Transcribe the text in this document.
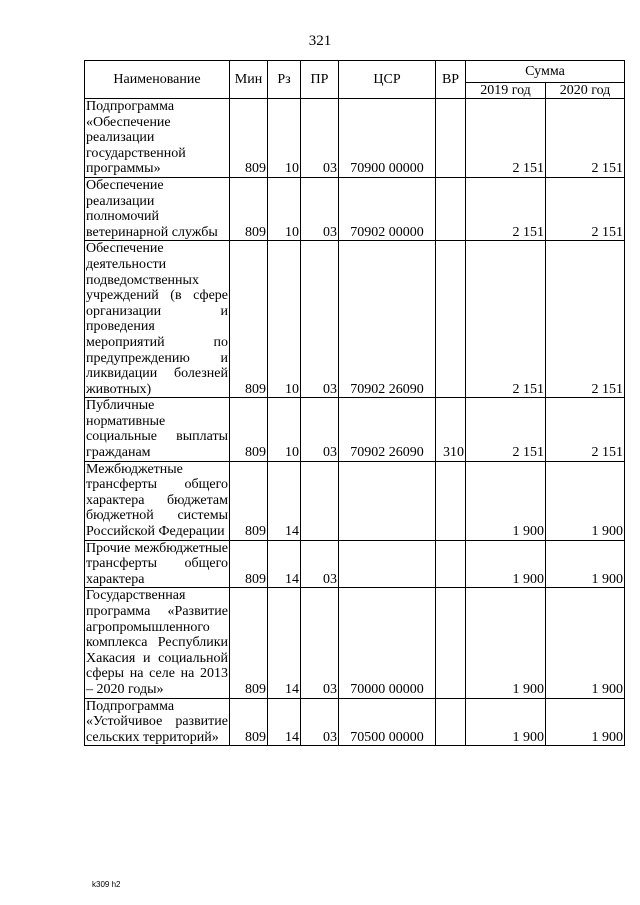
321
Наименование	Мин	Рз	ПР	ЦСР	ВР	Сумма	
						2019 год	2020 год
Подпрограмма «Обеспечение реализации государственной программы»	809	10	03	70900 00000		2 151	2 151
Обеспечение реализации полномочий ветеринарной службы	809	10	03	70902 00000		2 151	2 151
Обеспечение деятельности подведомственных учреждений (в сфере организации и проведения мероприятий по предупреждению и ликвидации болезней животных)	809	10	03	70902 26090		2 151	2 151
Публичные нормативные социальные выплаты гражданам	809	10	03	70902 26090	310	2 151	2 151
Межбюджетные трансферты общего характера бюджетам бюджетной системы Российской Федерации	809	14				1 900	1 900
Прочие межбюджетные трансферты общего характера	809	14	03			1 900	1 900
Государственная программа «Развитие агропромышленного комплекса Республики Хакасия и социальной сферы на селе на 2013 – 2020 годы»	809	14	03	70000 00000		1 900	1 900
Подпрограмма «Устойчивое развитие сельских территорий»	809	14	03	70500 00000		1 900	1 900
k309 h2
